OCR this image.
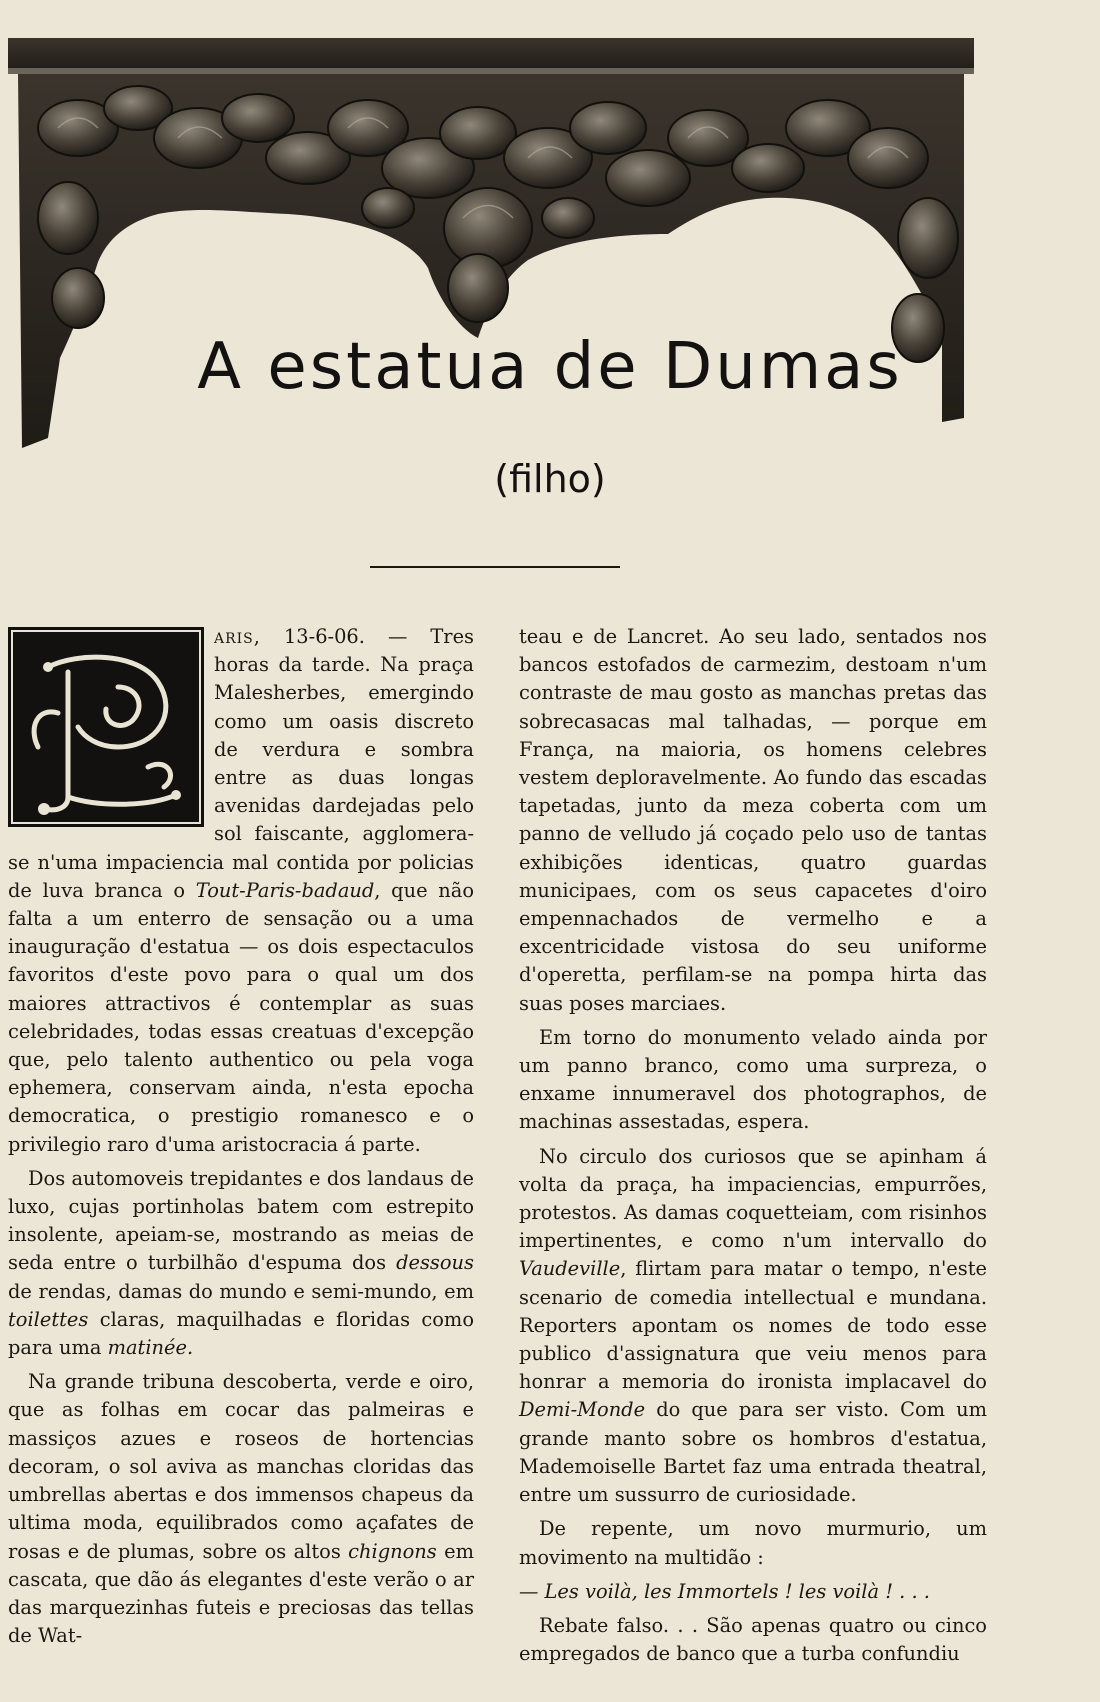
A estatua de Dumas
(filho)

aris, 13-6-06. — Tres horas da tarde. Na praça Malesherbes, emergindo como um oasis discreto de verdura e sombra entre as duas longas avenidas dardejadas pelo sol faiscante, agglomera-se n'uma impaciencia mal contida por policias de luva branca o Tout-Paris-badaud, que não falta a um enterro de sensação ou a uma inauguração d'estatua — os dois espectaculos favoritos d'este povo para o qual um dos maiores attractivos é contemplar as suas celebridades, todas essas creatuas d'excepção que, pelo talento authentico ou pela voga ephemera, conservam ainda, n'esta epocha democratica, o prestigio romanesco e o privilegio raro d'uma aristocracia á parte.

Dos automoveis trepidantes e dos landaus de luxo, cujas portinholas batem com estrepito insolente, apeiam-se, mostrando as meias de seda entre o turbilhão d'espuma dos dessous de rendas, damas do mundo e semi-mundo, em toilettes claras, maquilhadas e floridas como para uma matinée.

Na grande tribuna descoberta, verde e oiro, que as folhas em cocar das palmeiras e massiços azues e roseos de hortencias decoram, o sol aviva as manchas cloridas das umbrellas abertas e dos immensos chapeus da ultima moda, equilibrados como açafates de rosas e de plumas, sobre os altos chignons em cascata, que dão ás elegantes d'este verão o ar das marquezinhas futeis e preciosas das tellas de Wat-

teau e de Lancret. Ao seu lado, sentados nos bancos estofados de carmezim, destoam n'um contraste de mau gosto as manchas pretas das sobrecasacas mal talhadas, — porque em França, na maioria, os homens celebres vestem deploravelmente. Ao fundo das escadas tapetadas, junto da meza coberta com um panno de velludo já coçado pelo uso de tantas exhibições identicas, quatro guardas municipaes, com os seus capacetes d'oiro empennachados de vermelho e a excentricidade vistosa do seu uniforme d'operetta, perfilam-se na pompa hirta das suas poses marciaes.

Em torno do monumento velado ainda por um panno branco, como uma surpreza, o enxame innumeravel dos photographos, de machinas assestadas, espera.

No circulo dos curiosos que se apinham á volta da praça, ha impaciencias, empurrões, protestos. As damas coquetteiam, com risinhos impertinentes, e como n'um intervallo do Vaudeville, flirtam para matar o tempo, n'este scenario de comedia intellectual e mundana. Reporters apontam os nomes de todo esse publico d'assignatura que veiu menos para honrar a memoria do ironista implacavel do Demi-Monde do que para ser visto. Com um grande manto sobre os hombros d'estatua, Mademoiselle Bartet faz uma entrada theatral, entre um sussurro de curiosidade.

De repente, um novo murmurio, um movimento na multidão :

— Les voilà, les Immortels ! les voilà ! . . .

Rebate falso. . . São apenas quatro ou cinco empregados de banco que a turba confundiu
